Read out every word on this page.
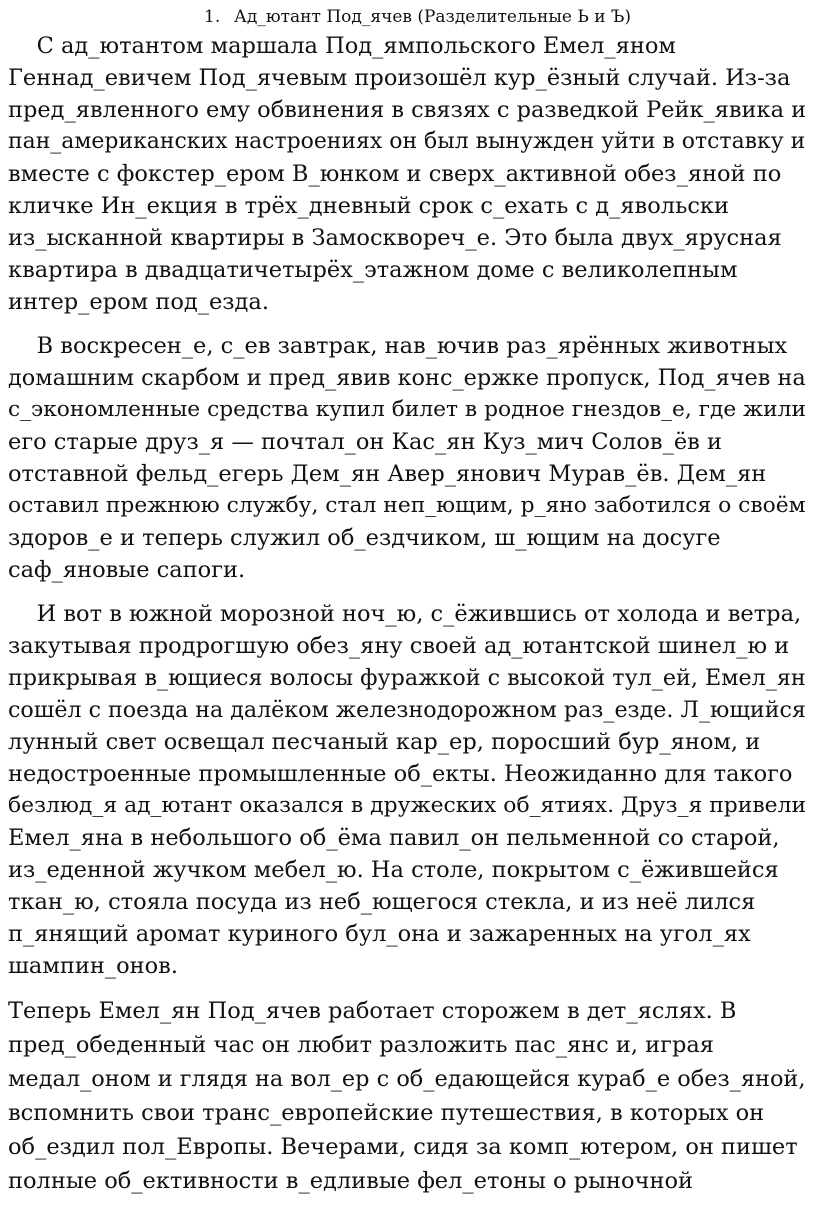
1. Ад_ютант Под_ячев (Разделительные Ь и Ъ)
С ад_ютантом маршала Под_ямпольского Емел_яном
Геннад_евичем Под_ячевым произошёл кур_ёзный случай. Из-за
пред_явленного ему обвинения в связях с разведкой Рейк_явика и
пан_американских настроениях он был вынужден уйти в отставку и
вместе с фокстер_ером В_юнком и сверх_активной обез_яной по
кличке Ин_екция в трёх_дневный срок с_ехать с д_явольски
из_ысканной квартиры в Замосквореч_е. Это была двух_ярусная
квартира в двадцатичетырёх_этажном доме с великолепным
интер_ером под_езда.
В воскресен_е, с_ев завтрак, нав_ючив раз_ярённых животных
домашним скарбом и пред_явив конс_ержке пропуск, Под_ячев на
с_экономленные средства купил билет в родное гнездов_е, где жили
его старые друз_я — почтал_он Кас_ян Куз_мич Солов_ёв и
отставной фельд_егерь Дем_ян Авер_янович Мурав_ёв. Дем_ян
оставил прежнюю службу, стал неп_ющим, р_яно заботился о своём
здоров_е и теперь служил об_ездчиком, ш_ющим на досуге
саф_яновые сапоги.
И вот в южной морозной ноч_ю, с_ёжившись от холода и ветра,
закутывая продрогшую обез_яну своей ад_ютантской шинел_ю и
прикрывая в_ющиеся волосы фуражкой с высокой тул_ей, Емел_ян
сошёл с поезда на далёком железнодорожном раз_езде. Л_ющийся
лунный свет освещал песчаный кар_ер, поросший бур_яном, и
недостроенные промышленные об_екты. Неожиданно для такого
безлюд_я ад_ютант оказался в дружеских об_ятиях. Друз_я привели
Емел_яна в небольшого об_ёма павил_он пельменной со старой,
из_еденной жучком мебел_ю. На столе, покрытом с_ёжившейся
ткан_ю, стояла посуда из неб_ющегося стекла, и из неё лился
п_янящий аромат куриного бул_она и зажаренных на угол_ях
шампин_онов.
Теперь Емел_ян Под_ячев работает сторожем в дет_яслях. В
пред_обеденный час он любит разложить пас_янс и, играя
медал_оном и глядя на вол_ер с об_едающейся кураб_е обез_яной,
вспомнить свои транс_европейские путешествия, в которых он
об_ездил пол_Европы. Вечерами, сидя за комп_ютером, он пишет
полные об_ективности в_едливые фел_етоны о рыночной
